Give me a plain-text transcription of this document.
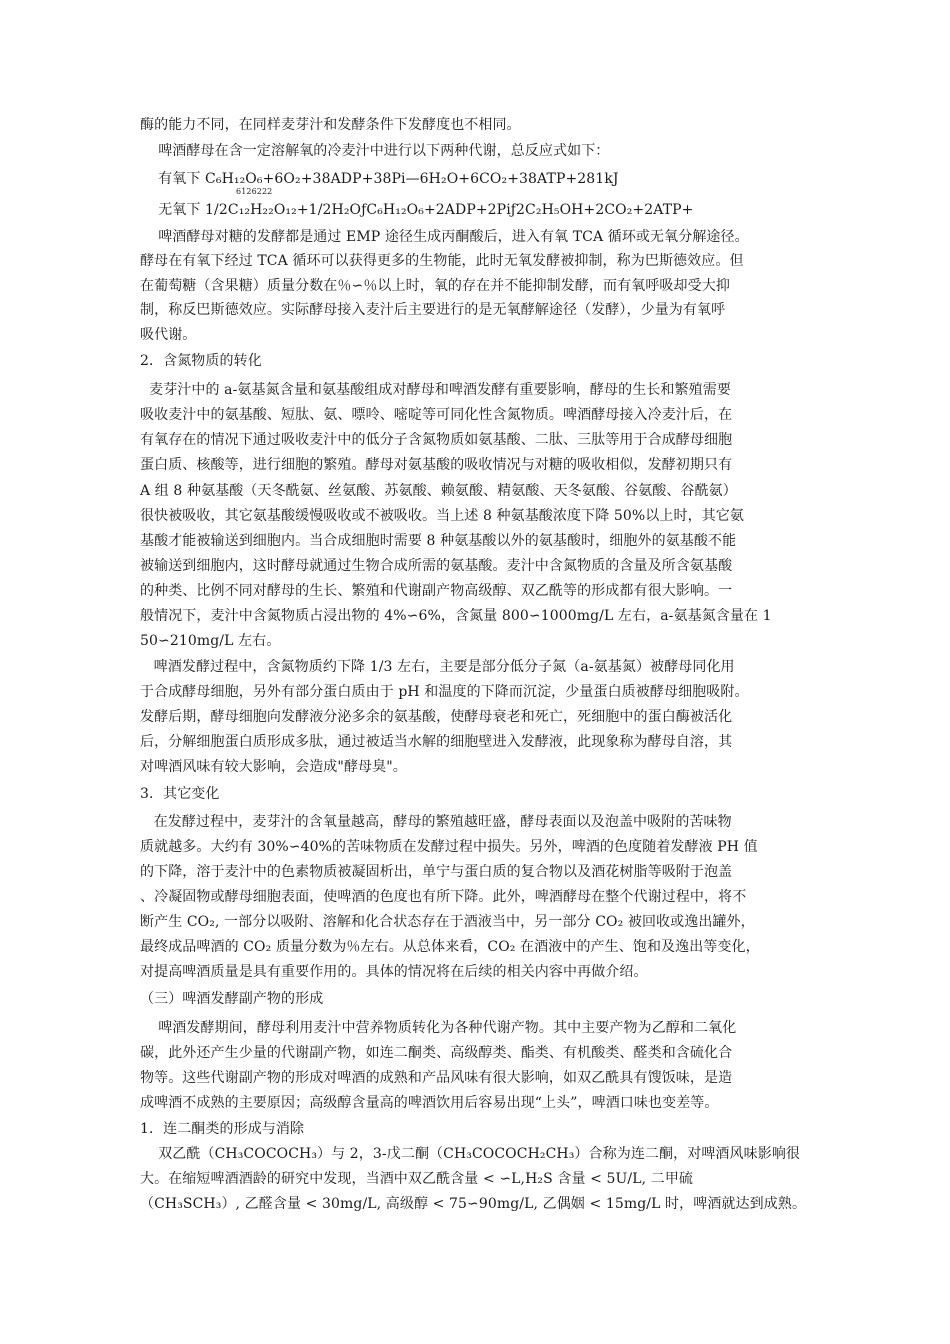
酶的能力不同，在同样麦芽汁和发酵条件下发酵度也不相同。
啤酒酵母在含一定溶解氧的冷麦汁中进行以下两种代谢，总反应式如下：
有氧下 C₆H₁₂O₆+6O₂+38ADP+38Pi—6H₂O+6CO₂+38ATP+281kJ
6126222
无氧下 1/2C₁₂H₂₂O₁₂+1/2H₂OƒC₆H₁₂O₆+2ADP+2Piƒ2C₂H₅OH+2CO₂+2ATP+
啤酒酵母对糖的发酵都是通过 EMP 途径生成丙酮酸后，进入有氧 TCA 循环或无氧分解途径。
酵母在有氧下经过 TCA 循环可以获得更多的生物能，此时无氧发酵被抑制，称为巴斯德效应。但
在葡萄糖（含果糖）质量分数在％∽％以上时，氧的存在并不能抑制发酵，而有氧呼吸却受大抑
制，称反巴斯德效应。实际酵母接入麦汁后主要进行的是无氧酵解途径（发酵），少量为有氧呼
吸代谢。
2．含氮物质的转化
麦芽汁中的 a-氨基氮含量和氨基酸组成对酵母和啤酒发酵有重要影响，酵母的生长和繁殖需要
吸收麦汁中的氨基酸、短肽、氨、嘌呤、嘧啶等可同化性含氮物质。啤酒酵母接入冷麦汁后，在
有氧存在的情况下通过吸收麦汁中的低分子含氮物质如氨基酸、二肽、三肽等用于合成酵母细胞
蛋白质、核酸等，进行细胞的繁殖。酵母对氨基酸的吸收情况与对糖的吸收相似，发酵初期只有
A 组 8 种氨基酸（天冬酰氨、丝氨酸、苏氨酸、赖氨酸、精氨酸、天冬氨酸、谷氨酸、谷酰氨）
很快被吸收，其它氨基酸缓慢吸收或不被吸收。当上述 8 种氨基酸浓度下降 50%以上时，其它氨
基酸才能被输送到细胞内。当合成细胞时需要 8 种氨基酸以外的氨基酸时，细胞外的氨基酸不能
被输送到细胞内，这时酵母就通过生物合成所需的氨基酸。麦汁中含氮物质的含量及所含氨基酸
的种类、比例不同对酵母的生长、繁殖和代谢副产物高级醇、双乙酰等的形成都有很大影响。一
般情况下，麦汁中含氮物质占浸出物的 4%∽6%，含氮量 800∽1000mg/L 左右，a-氨基氮含量在 1
50∽210mg/L 左右。
啤酒发酵过程中，含氮物质约下降 1/3 左右，主要是部分低分子氮（a-氨基氮）被酵母同化用
于合成酵母细胞，另外有部分蛋白质由于 pH 和温度的下降而沉淀，少量蛋白质被酵母细胞吸附。
发酵后期，酵母细胞向发酵液分泌多余的氨基酸，使酵母衰老和死亡，死细胞中的蛋白酶被活化
后，分解细胞蛋白质形成多肽，通过被适当水解的细胞壁进入发酵液，此现象称为酵母自溶，其
对啤酒风味有较大影响，会造成"酵母臭"。
3．其它变化
在发酵过程中，麦芽汁的含氧量越高，酵母的繁殖越旺盛，酵母表面以及泡盖中吸附的苦味物
质就越多。大约有 30%∽40%的苦味物质在发酵过程中损失。另外，啤酒的色度随着发酵液 PH 值
的下降，溶于麦汁中的色素物质被凝固析出，单宁与蛋白质的复合物以及酒花树脂等吸附于泡盖
、冷凝固物或酵母细胞表面，使啤酒的色度也有所下降。此外，啤酒酵母在整个代谢过程中，将不
断产生 CO₂, 一部分以吸附、溶解和化合状态存在于酒液当中，另一部分 CO₂ 被回收或逸出罐外，
最终成品啤酒的 CO₂ 质量分数为％左右。从总体来看，CO₂ 在酒液中的产生、饱和及逸出等变化，
对提高啤酒质量是具有重要作用的。具体的情况将在后续的相关内容中再做介绍。
（三）啤酒发酵副产物的形成
啤酒发酵期间，酵母利用麦汁中营养物质转化为各种代谢产物。其中主要产物为乙醇和二氧化
碳，此外还产生少量的代谢副产物，如连二酮类、高级醇类、酯类、有机酸类、醛类和含硫化合
物等。这些代谢副产物的形成对啤酒的成熟和产品风味有很大影响，如双乙酰具有馊饭味，是造
成啤酒不成熟的主要原因；高级醇含量高的啤酒饮用后容易出现“上头”，啤酒口味也变差等。
1．连二酮类的形成与消除
双乙酰（CH₃COCOCH₃）与 2，3-戊二酮（CH₃COCOCH₂CH₃）合称为连二酮，对啤酒风味影响很
大。在缩短啤酒酒龄的研究中发现，当酒中双乙酰含量 < ∽L,H₂S 含量 < 5U/L, 二甲硫
（CH₃SCH₃）, 乙醛含量 < 30mg/L, 高级醇 < 75∽90mg/L, 乙偶姻 < 15mg/L 时，啤酒就达到成熟。
